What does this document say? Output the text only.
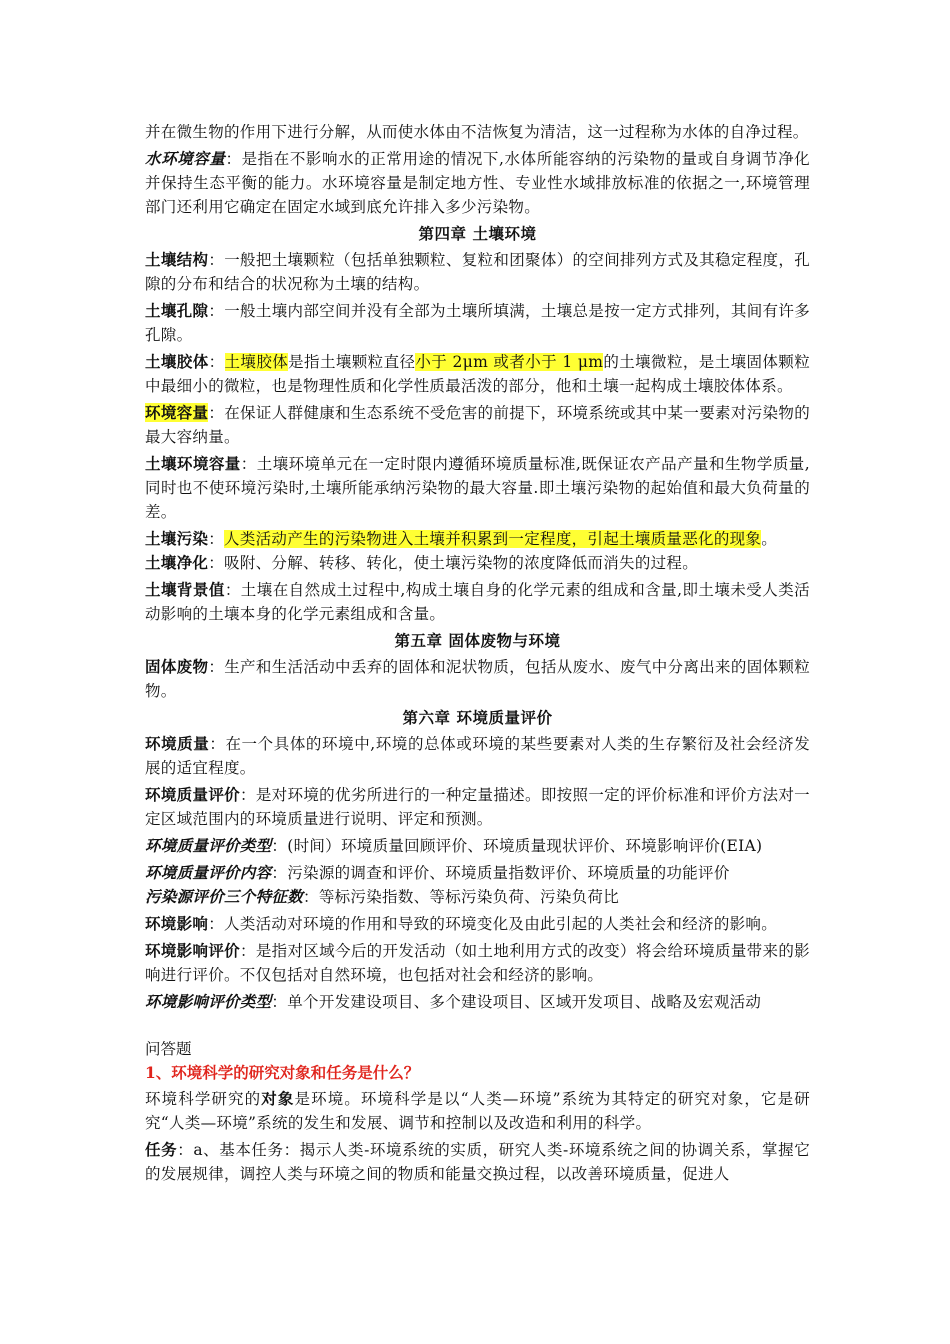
并在微生物的作用下进行分解，从而使水体由不洁恢复为清洁，这一过程称为水体的自净过程。

水环境容量：是指在不影响水的正常用途的情况下,水体所能容纳的污染物的量或自身调节净化并保持生态平衡的能力。水环境容量是制定地方性、专业性水域排放标准的依据之一,环境管理部门还利用它确定在固定水域到底允许排入多少污染物。

第四章 土壤环境

土壤结构：一般把土壤颗粒（包括单独颗粒、复粒和团聚体）的空间排列方式及其稳定程度，孔隙的分布和结合的状况称为土壤的结构。

土壤孔隙：一般土壤内部空间并没有全部为土壤所填满，土壤总是按一定方式排列，其间有许多孔隙。

土壤胶体：土壤胶体是指土壤颗粒直径小于 2μm 或者小于 1 μm的土壤微粒，是土壤固体颗粒中最细小的微粒，也是物理性质和化学性质最活泼的部分，他和土壤一起构成土壤胶体体系。

环境容量：在保证人群健康和生态系统不受危害的前提下，环境系统或其中某一要素对污染物的最大容纳量。

土壤环境容量：土壤环境单元在一定时限内遵循环境质量标准,既保证农产品产量和生物学质量,同时也不使环境污染时,土壤所能承纳污染物的最大容量.即土壤污染物的起始值和最大负荷量的差。

土壤污染：人类活动产生的污染物进入土壤并积累到一定程度，引起土壤质量恶化的现象。

土壤净化：吸附、分解、转移、转化，使土壤污染物的浓度降低而消失的过程。

土壤背景值：土壤在自然成土过程中,构成土壤自身的化学元素的组成和含量,即土壤未受人类活动影响的土壤本身的化学元素组成和含量。

第五章 固体废物与环境

固体废物：生产和生活活动中丢弃的固体和泥状物质，包括从废水、废气中分离出来的固体颗粒物。

第六章 环境质量评价

环境质量：在一个具体的环境中,环境的总体或环境的某些要素对人类的生存繁衍及社会经济发展的适宜程度。

环境质量评价：是对环境的优劣所进行的一种定量描述。即按照一定的评价标准和评价方法对一定区域范围内的环境质量进行说明、评定和预测。

环境质量评价类型：(时间）环境质量回顾评价、环境质量现状评价、环境影响评价(EIA)

环境质量评价内容：污染源的调查和评价、环境质量指数评价、环境质量的功能评价

污染源评价三个特征数：等标污染指数、等标污染负荷、污染负荷比

环境影响：人类活动对环境的作用和导致的环境变化及由此引起的人类社会和经济的影响。

环境影响评价：是指对区域今后的开发活动（如土地利用方式的改变）将会给环境质量带来的影响进行评价。不仅包括对自然环境，也包括对社会和经济的影响。

环境影响评价类型：单个开发建设项目、多个建设项目、区域开发项目、战略及宏观活动

问答题

1、环境科学的研究对象和任务是什么？

环境科学研究的对象是环境。环境科学是以“人类—环境”系统为其特定的研究对象，它是研究“人类—环境”系统的发生和发展、调节和控制以及改造和利用的科学。

任务：a、基本任务：揭示人类-环境系统的实质，研究人类-环境系统之间的协调关系，掌握它的发展规律，调控人类与环境之间的物质和能量交换过程，以改善环境质量，促进人
